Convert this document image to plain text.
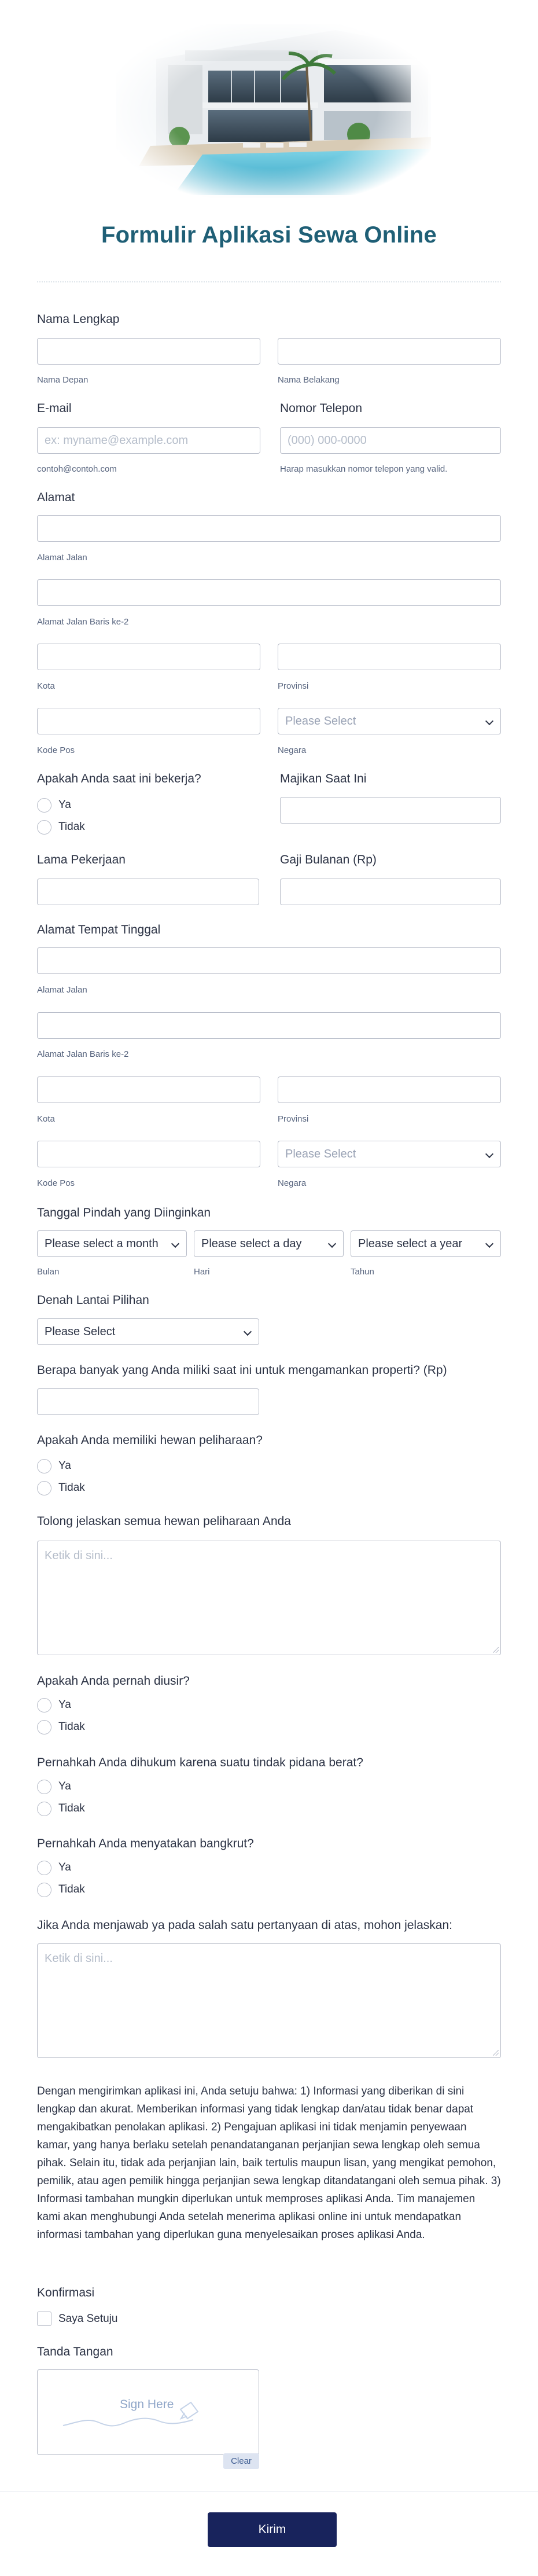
Formulir Aplikasi Sewa Online
Nama Lengkap
Nama Depan	Nama Belakang
E-mail
ex: myname@example.com
contoh@contoh.com
Nomor Telepon
(000) 000-0000
Harap masukkan nomor telepon yang valid.
Alamat
Alamat Jalan
Alamat Jalan Baris ke-2
Kota	Provinsi
Kode Pos
Please Select
Negara
Apakah Anda saat ini bekerja?
Ya
Tidak
Majikan Saat Ini
Lama Pekerjaan	Gaji Bulanan (Rp)
Alamat Tempat Tinggal
Alamat Jalan
Alamat Jalan Baris ke-2
Kota	Provinsi
Kode Pos
Please Select
Negara
Tanggal Pindah yang Diinginkan
Please select a month
Bulan
Please select a day
Hari
Please select a year
Tahun
Denah Lantai Pilihan
Please Select
Berapa banyak yang Anda miliki saat ini untuk mengamankan properti? (Rp)
Apakah Anda memiliki hewan peliharaan?
Ya
Tidak
Tolong jelaskan semua hewan peliharaan Anda
Ketik di sini...
Apakah Anda pernah diusir?
Ya
Tidak
Pernahkah Anda dihukum karena suatu tindak pidana berat?
Ya
Tidak
Pernahkah Anda menyatakan bangkrut?
Ya
Tidak
Jika Anda menjawab ya pada salah satu pertanyaan di atas, mohon jelaskan:
Ketik di sini...

Dengan mengirimkan aplikasi ini, Anda setuju bahwa: 1) Informasi yang diberikan di sini lengkap dan akurat. Memberikan informasi yang tidak lengkap dan/atau tidak benar dapat mengakibatkan penolakan aplikasi. 2) Pengajuan aplikasi ini tidak menjamin penyewaan kamar, yang hanya berlaku setelah penandatanganan perjanjian sewa lengkap oleh semua pihak. Selain itu, tidak ada perjanjian lain, baik tertulis maupun lisan, yang mengikat pemohon, pemilik, atau agen pemilik hingga perjanjian sewa lengkap ditandatangani oleh semua pihak. 3) Informasi tambahan mungkin diperlukan untuk memproses aplikasi Anda. Tim manajemen kami akan menghubungi Anda setelah menerima aplikasi online ini untuk mendapatkan informasi tambahan yang diperlukan guna menyelesaikan proses aplikasi Anda.

Konfirmasi
Saya Setuju
Tanda Tangan
Sign Here
Clear
Kirim
